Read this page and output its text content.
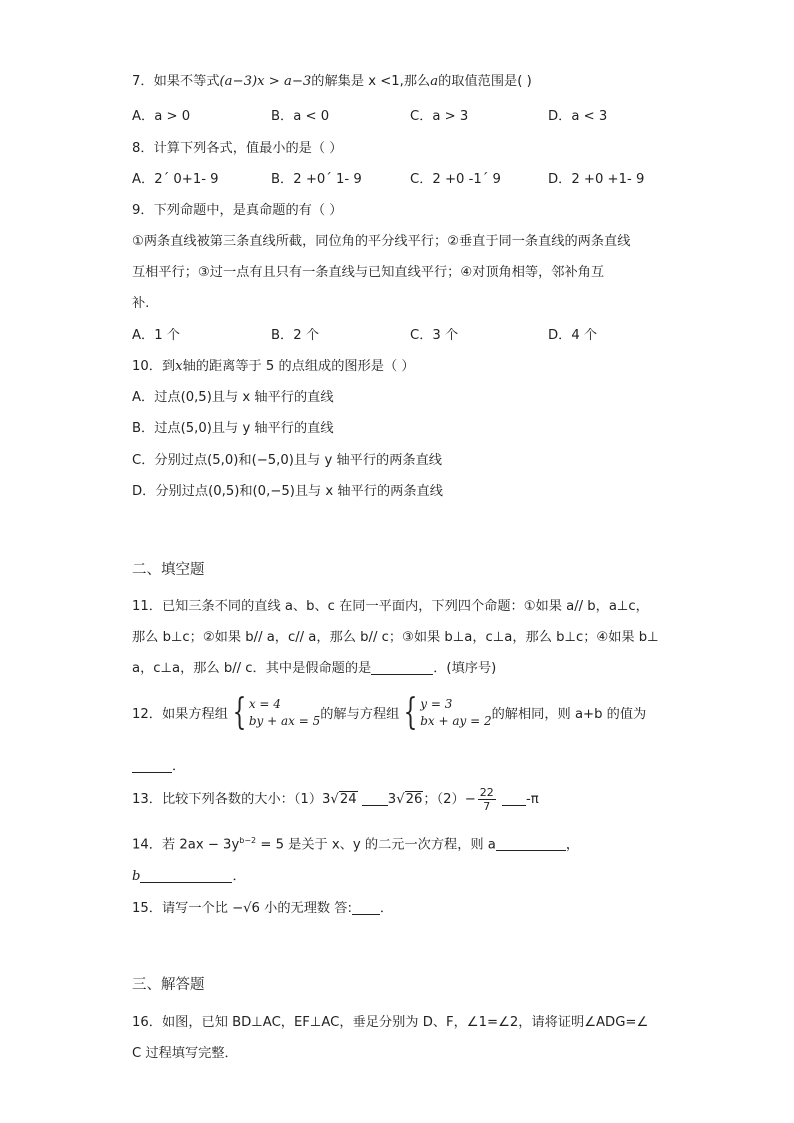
7．如果不等式(a−3)x > a−3的解集是 x <1,那么a的取值范围是( )
A．a > 0	B．a < 0	C．a > 3	D．a < 3
8．计算下列各式，值最小的是（ ）
A．2´ 0+1- 9	B．2 +0´ 1- 9	C．2 +0 -1´ 9	D．2 +0 +1- 9
9．下列命题中，是真命题的有（ ）
①两条直线被第三条直线所截，同位角的平分线平行；②垂直于同一条直线的两条直线
互相平行；③过一点有且只有一条直线与已知直线平行；④对顶角相等，邻补角互
补.
A．1 个	B．2 个	C．3 个	D．4 个
10．到x轴的距离等于 5 的点组成的图形是（ ）
A．过点(0,5)且与 x 轴平行的直线
B．过点(5,0)且与 y 轴平行的直线
C．分别过点(5,0)和(−5,0)且与 y 轴平行的两条直线
D．分别过点(0,5)和(0,−5)且与 x 轴平行的两条直线
二、填空题
11．已知三条不同的直线 a、b、c 在同一平面内，下列四个命题：①如果 a// b，a⊥c，
那么 b⊥c；②如果 b// a，c// a，那么 b// c；③如果 b⊥a，c⊥a，那么 b⊥c；④如果 b⊥
a，c⊥a，那么 b// c．其中是假命题的是	．(填序号)
12．如果方程组 { x = 4
by + ax = 5 的解与方程组 { y = 3
bx + ay = 2 的解相同，则 a+b 的值为
．
13．比较下列各数的大小：（1）3√24 3√26；$(2)- \frac{22}{7} -\pi$
14．若 $2ax - 3y^{b-2} = 5$ 是关于 x、y 的二元一次方程，则 a	，
b	．
15．请写一个比 −√6 小的无理数 答: ．
三、解答题
16．如图，已知 BD⊥AC，EF⊥AC，垂足分别为 D、F，∠1=∠2，请将证明∠ADG=∠
C 过程填写完整．
